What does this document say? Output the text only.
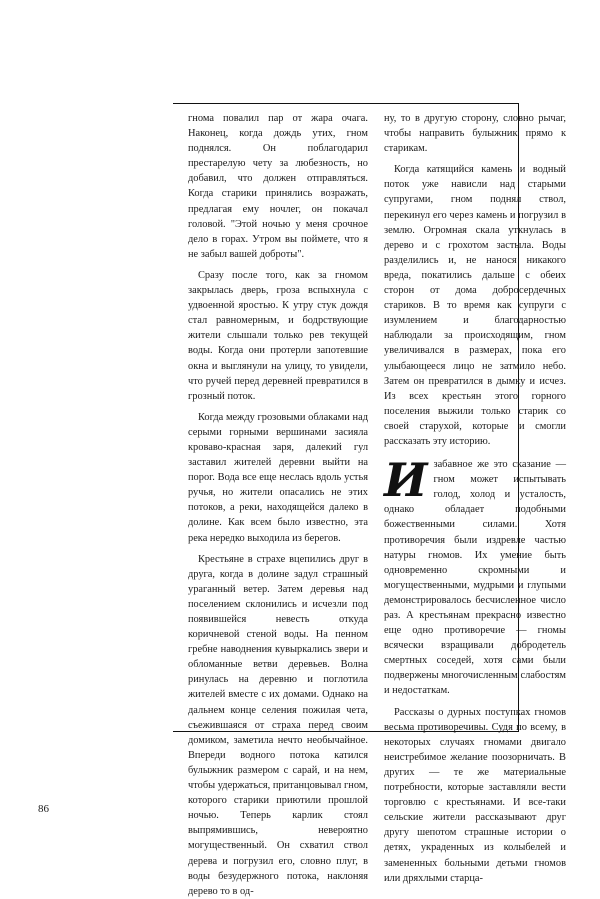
гнома повалил пар от жара очага. Наконец, когда дождь утих, гном поднялся. Он поблагодарил престарелую чету за любезность, но добавил, что должен отправляться. Когда старики принялись возражать, предлагая ему ночлег, он покачал головой. "Этой ночью у меня срочное дело в горах. Утром вы поймете, что я не забыл вашей доброты".

Сразу после того, как за гномом закрылась дверь, гроза вспыхнула с удвоенной яростью. К утру стук дождя стал равномерным, и бодрствующие жители слышали только рев текущей воды. Когда они протерли запотевшие окна и выглянули на улицу, то увидели, что ручей перед деревней превратился в грозный поток.

Когда между грозовыми облаками над серыми горными вершинами засияла кроваво-красная заря, далекий гул заставил жителей деревни выйти на порог. Вода все еще неслась вдоль устья ручья, но жители опасались не этих потоков, а реки, находящейся далеко в долине. Как всем было известно, эта река нередко выходила из берегов.

Крестьяне в страхе вцепились друг в друга, когда в долине задул страшный ураганный ветер. Затем деревья над поселением склонились и исчезли под появившейся невесть откуда коричневой стеной воды. На пенном гребне наводнения кувыркались звери и обломанные ветви деревьев. Волна ринулась на деревню и поглотила жителей вместе с их домами. Однако на дальнем конце селения пожилая чета, съежившаяся от страха перед своим домиком, заметила нечто необычайное. Впереди водного потока катился булыжник размером с сарай, и на нем, чтобы удержаться, пританцовывал гном, которого старики приютили прошлой ночью. Теперь карлик стоял выпрямившись, невероятно могущественный. Он схватил ствол дерева и погрузил его, словно плуг, в воды безудержного потока, наклоняя дерево то в од-

ну, то в другую сторону, словно рычаг, чтобы направить булыжник прямо к старикам.

Когда катящийся камень и водный поток уже нависли над старыми супругами, гном поднял ствол, перекинул его через камень и погрузил в землю. Огромная скала уткнулась в дерево и с грохотом застыла. Воды разделились и, не нанося никакого вреда, покатились дальше с обеих сторон от дома добросердечных стариков. В то время как супруги с изумлением и благодарностью наблюдали за происходящим, гном увеличивался в размерах, пока его улыбающееся лицо не затмило небо. Затем он превратился в дымку и исчез. Из всех крестьян этого горного поселения выжили только старик со своей старухой, которые и смогли рассказать эту историю.

И забавное же это сказание — гном может испытывать голод, холод и усталость, однако обладает подобными божественными силами. Хотя противоречия были издревле частью натуры гномов. Их умение быть одновременно скромными и могущественными, мудрыми и глупыми демонстрировалось бесчисленное число раз. А крестьянам прекрасно известно еще одно противоречие — гномы всячески взращивали добродетель смертных соседей, хотя сами были подвержены многочисленным слабостям и недостаткам.

Рассказы о дурных поступках гномов весьма противоречивы. Судя по всему, в некоторых случаях гномами двигало неистребимое желание поозорничать. В других — те же материальные потребности, которые заставляли вести торговлю с крестьянами. И все-таки сельские жители рассказывают друг другу шепотом страшные истории о детях, украденных из колыбелей и замененных больными детьми гномов или дряхлыми старца-

86
